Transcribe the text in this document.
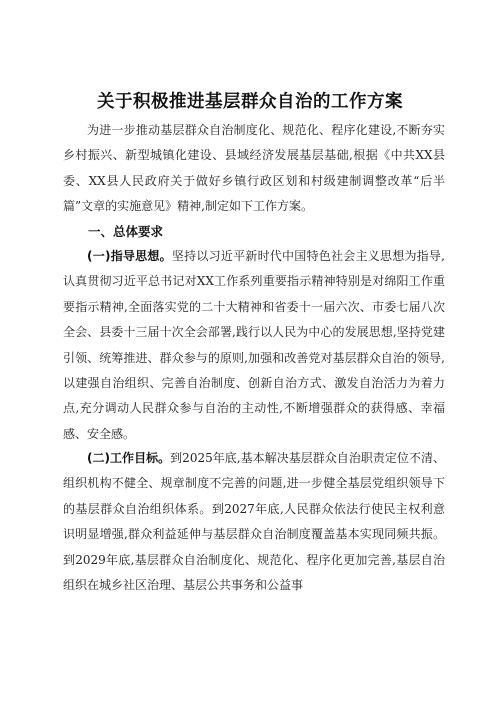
关于积极推进基层群众自治的工作方案

为进一步推动基层群众自治制度化、规范化、程序化建设,不断夯实乡村振兴、新型城镇化建设、县域经济发展基层基础,根据《中共XX县委、XX县人民政府关于做好乡镇行政区划和村级建制调整改革“后半篇”文章的实施意见》精神,制定如下工作方案。

一、总体要求

(一)指导思想。坚持以习近平新时代中国特色社会主义思想为指导,认真贯彻习近平总书记对XX工作系列重要指示精神特别是对绵阳工作重要指示精神,全面落实党的二十大精神和省委十一届六次、市委七届八次全会、县委十三届十次全会部署,践行以人民为中心的发展思想,坚持党建引领、统筹推进、群众参与的原则,加强和改善党对基层群众自治的领导,以建强自治组织、完善自治制度、创新自治方式、激发自治活力为着力点,充分调动人民群众参与自治的主动性,不断增强群众的获得感、幸福感、安全感。

(二)工作目标。到2025年底,基本解决基层群众自治职责定位不清、组织机构不健全、规章制度不完善的问题,进一步健全基层党组织领导下的基层群众自治组织体系。到2027年底,人民群众依法行使民主权利意识明显增强,群众利益延伸与基层群众自治制度覆盖基本实现同频共振。到2029年底,基层群众自治制度化、规范化、程序化更加完善,基层自治组织在城乡社区治理、基层公共事务和公益事
